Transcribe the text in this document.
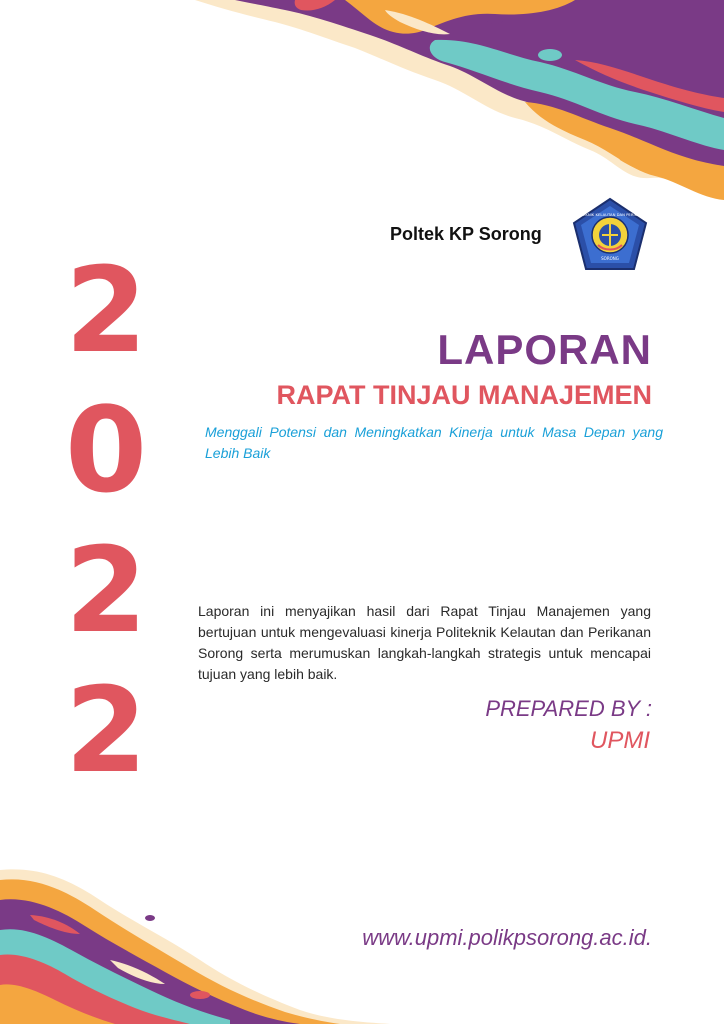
Poltek KP Sorong
POLITEKNIK KELAUTAN DAN PERIKANAN
SORONG
2
0
2
2
LAPORAN
RAPAT TINJAU MANAJEMEN
Menggali Potensi dan Meningkatkan Kinerja untuk Masa Depan yang Lebih Baik
Laporan ini menyajikan hasil dari Rapat Tinjau Manajemen yang bertujuan untuk mengevaluasi kinerja Politeknik Kelautan dan Perikanan Sorong serta merumuskan langkah-langkah strategis untuk mencapai tujuan yang lebih baik.
PREPARED BY :
UPMI
www.upmi.polikpsorong.ac.id.
